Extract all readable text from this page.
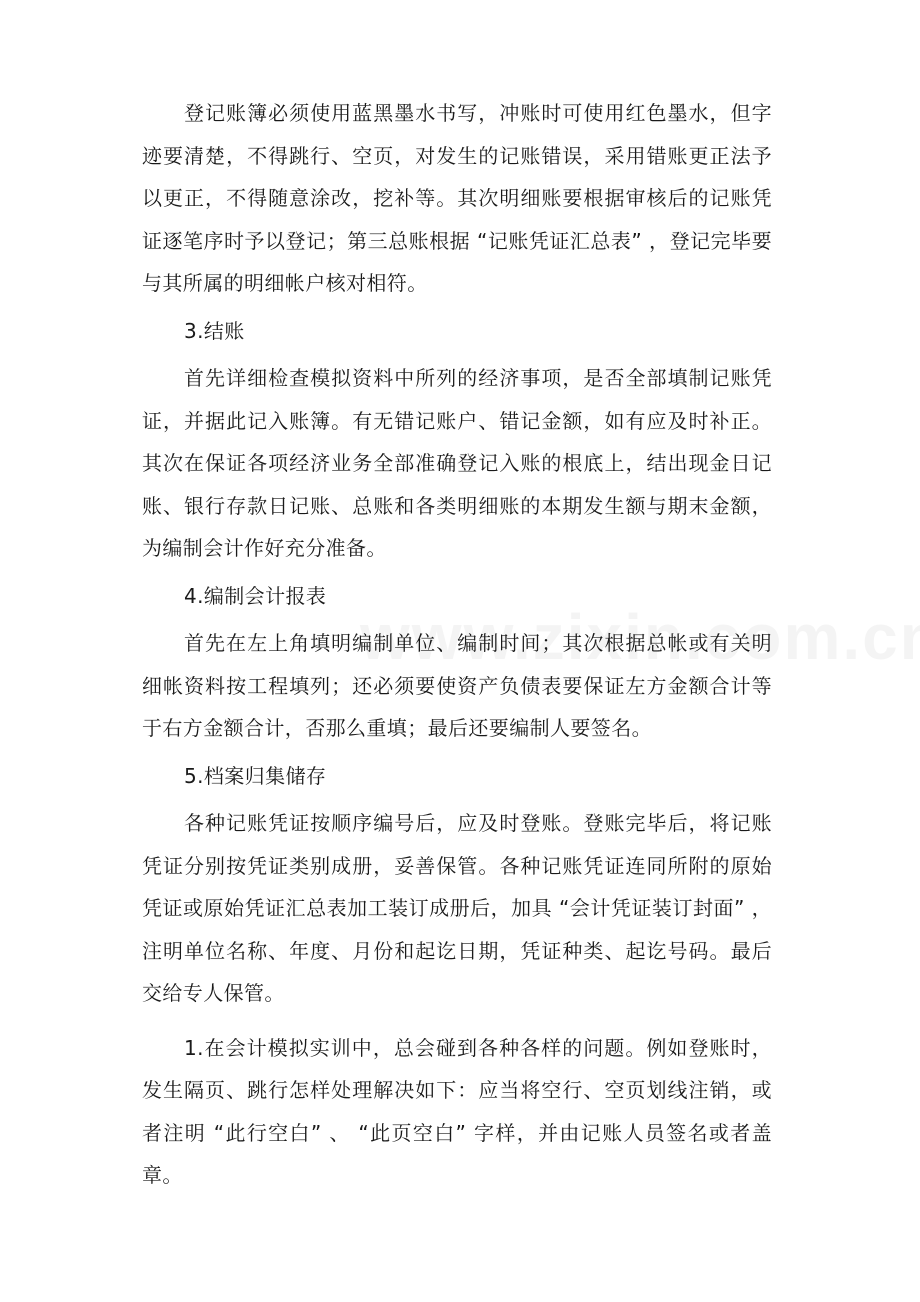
登记账簿必须使用蓝黑墨水书写，冲账时可使用红色墨水，但字迹要清楚，不得跳行、空页，对发生的记账错误，采用错账更正法予以更正，不得随意涂改，挖补等。其次明细账要根据审核后的记账凭证逐笔序时予以登记；第三总账根据 “记账凭证汇总表” ，登记完毕要与其所属的明细帐户核对相符。

3.结账

首先详细检查模拟资料中所列的经济事项，是否全部填制记账凭证，并据此记入账簿。有无错记账户、错记金额，如有应及时补正。其次在保证各项经济业务全部准确登记入账的根底上，结出现金日记账、银行存款日记账、总账和各类明细账的本期发生额与期末金额，为编制会计作好充分准备。

4.编制会计报表

首先在左上角填明编制单位、编制时间；其次根据总帐或有关明细帐资料按工程填列；还必须要使资产负债表要保证左方金额合计等于右方金额合计，否那么重填；最后还要编制人要签名。

5.档案归集储存

各种记账凭证按顺序编号后，应及时登账。登账完毕后，将记账凭证分别按凭证类别成册，妥善保管。各种记账凭证连同所附的原始凭证或原始凭证汇总表加工装订成册后，加具 “会计凭证装订封面” ，注明单位名称、年度、月份和起讫日期，凭证种类、起讫号码。最后交给专人保管。

1.在会计模拟实训中，总会碰到各种各样的问题。例如登账时，发生隔页、跳行怎样处理解决如下：应当将空行、空页划线注销，或者注明 “此行空白” 、 “此页空白” 字样，并由记账人员签名或者盖章。
